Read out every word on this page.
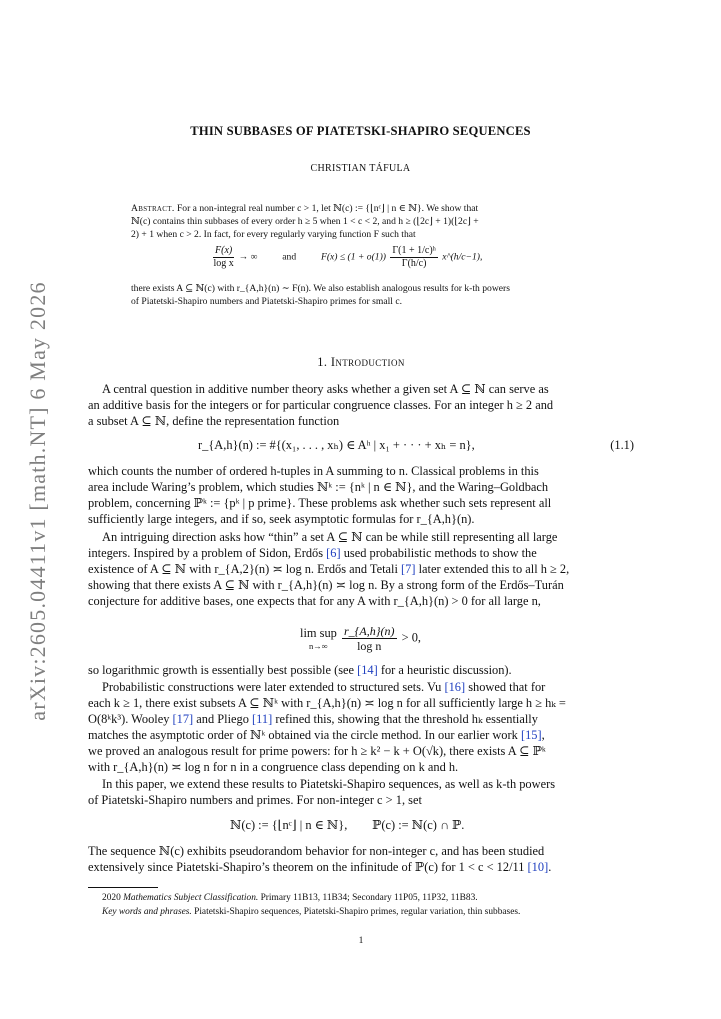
arXiv:2605.04411v1 [math.NT] 6 May 2026
THIN SUBBASES OF PIATETSKI-SHAPIRO SEQUENCES
CHRISTIAN TÁFULA
Abstract. For a non-integral real number c > 1, let ℕ(c) := {⌊nᶜ⌋ | n ∈ ℕ}. We show that
ℕ(c) contains thin subbases of every order h ≥ 5 when 1 < c < 2, and h ≥ (⌊2c⌋ + 1)(⌊2c⌋ +
2) + 1 when c > 2. In fact, for every regularly varying function F such that
$\frac{F(x)}{\text{log x}}$ → ∞	and	$F(x) \le (1 + o(1)) \frac{\text{Γ(1 + 1/c)ʰ}}{\Gamma(h/c)}$ x^(h/c−1),
there exists A ⊆ ℕ(c) with r_{A,h}(n) ∼ F(n). We also establish analogous results for k-th powers
of Piatetski-Shapiro numbers and Piatetski-Shapiro primes for small c.
1. Introduction
A central question in additive number theory asks whether a given set A ⊆ ℕ can serve as
an additive basis for the integers or for particular congruence classes. For an integer h ≥ 2 and
a subset A ⊆ ℕ, define the representation function
r_{A,h}(n) := #{(x₁, . . . , xₕ) ∈ Aʰ | x₁ + · · · + xₕ = n},	(1.1)
which counts the number of ordered h-tuples in A summing to n. Classical problems in this
area include Waring’s problem, which studies ℕᵏ := {nᵏ | n ∈ ℕ}, and the Waring–Goldbach
problem, concerning ℙᵏ := {pᵏ | p prime}. These problems ask whether such sets represent all
sufficiently large integers, and if so, seek asymptotic formulas for r_{A,h}(n).
An intriguing direction asks how “thin” a set A ⊆ ℕ can be while still representing all large
integers. Inspired by a problem of Sidon, Erdős [6] used probabilistic methods to show the
existence of A ⊆ ℕ with r_{A,2}(n) ≍ log n. Erdős and Tetali [7] later extended this to all h ≥ 2,
showing that there exists A ⊆ ℕ with r_{A,h}(n) ≍ log n. By a strong form of the Erdős–Turán
conjecture for additive bases, one expects that for any A with r_{A,h}(n) > 0 for all large n,
lim sup
n→∞
$\frac{r\_\{A,h\}(n)}{\text{log n}} > 0$,
so logarithmic growth is essentially best possible (see [14] for a heuristic discussion).
Probabilistic constructions were later extended to structured sets. Vu [16] showed that for
each k ≥ 1, there exist subsets A ⊆ ℕᵏ with r_{A,h}(n) ≍ log n for all sufficiently large h ≥ hₖ =
O(8ᵏk³). Wooley [17] and Pliego [11] refined this, showing that the threshold hₖ essentially
matches the asymptotic order of ℕᵏ obtained via the circle method. In our earlier work [15],
we proved an analogous result for prime powers: for h ≥ k² − k + O(√k), there exists A ⊆ ℙᵏ
with r_{A,h}(n) ≍ log n for n in a congruence class depending on k and h.
In this paper, we extend these results to Piatetski-Shapiro sequences, as well as k-th powers
of Piatetski-Shapiro numbers and primes. For non-integer c > 1, set
ℕ(c) := {⌊nᶜ⌋ | n ∈ ℕ},        ℙ(c) := ℕ(c) ∩ ℙ.
The sequence ℕ(c) exhibits pseudorandom behavior for non-integer c, and has been studied
extensively since Piatetski-Shapiro’s theorem on the infinitude of ℙ(c) for 1 < c < 12/11 [10].
2020 Mathematics Subject Classification. Primary 11B13, 11B34; Secondary 11P05, 11P32, 11B83.
Key words and phrases. Piatetski-Shapiro sequences, Piatetski-Shapiro primes, regular variation, thin subbases.
1
